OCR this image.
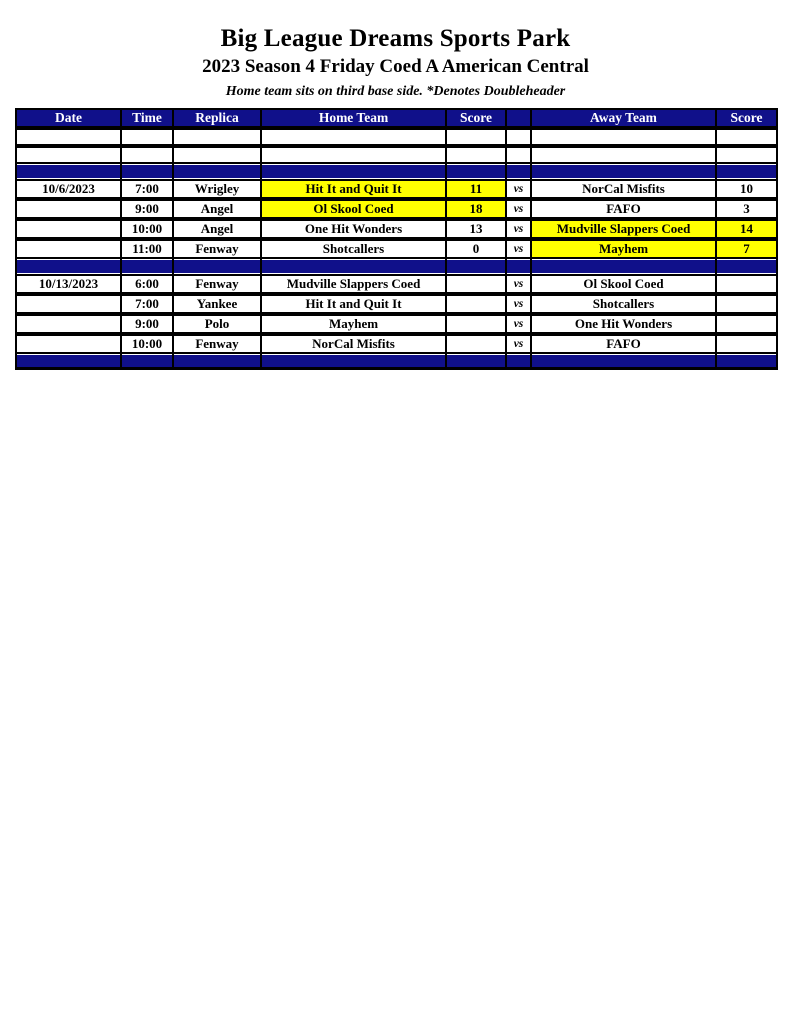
Big League Dreams Sports Park
2023 Season 4 Friday Coed A American Central
Home team sits on third base side. *Denotes Doubleheader
Date	Time	Replica	Home Team	Score		Away Team	Score

10/6/2023	7:00	Wrigley	Hit It and Quit It	11	vs	NorCal Misfits	10

	9:00	Angel	Ol Skool Coed	18	vs	FAFO	3

	10:00	Angel	One Hit Wonders	13	vs	Mudville Slappers Coed	14

	11:00	Fenway	Shotcallers	0	vs	Mayhem	7

10/13/2023	6:00	Fenway	Mudville Slappers Coed		vs	Ol Skool Coed	

	7:00	Yankee	Hit It and Quit It		vs	Shotcallers	

	9:00	Polo	Mayhem		vs	One Hit Wonders	

	10:00	Fenway	NorCal Misfits		vs	FAFO	
